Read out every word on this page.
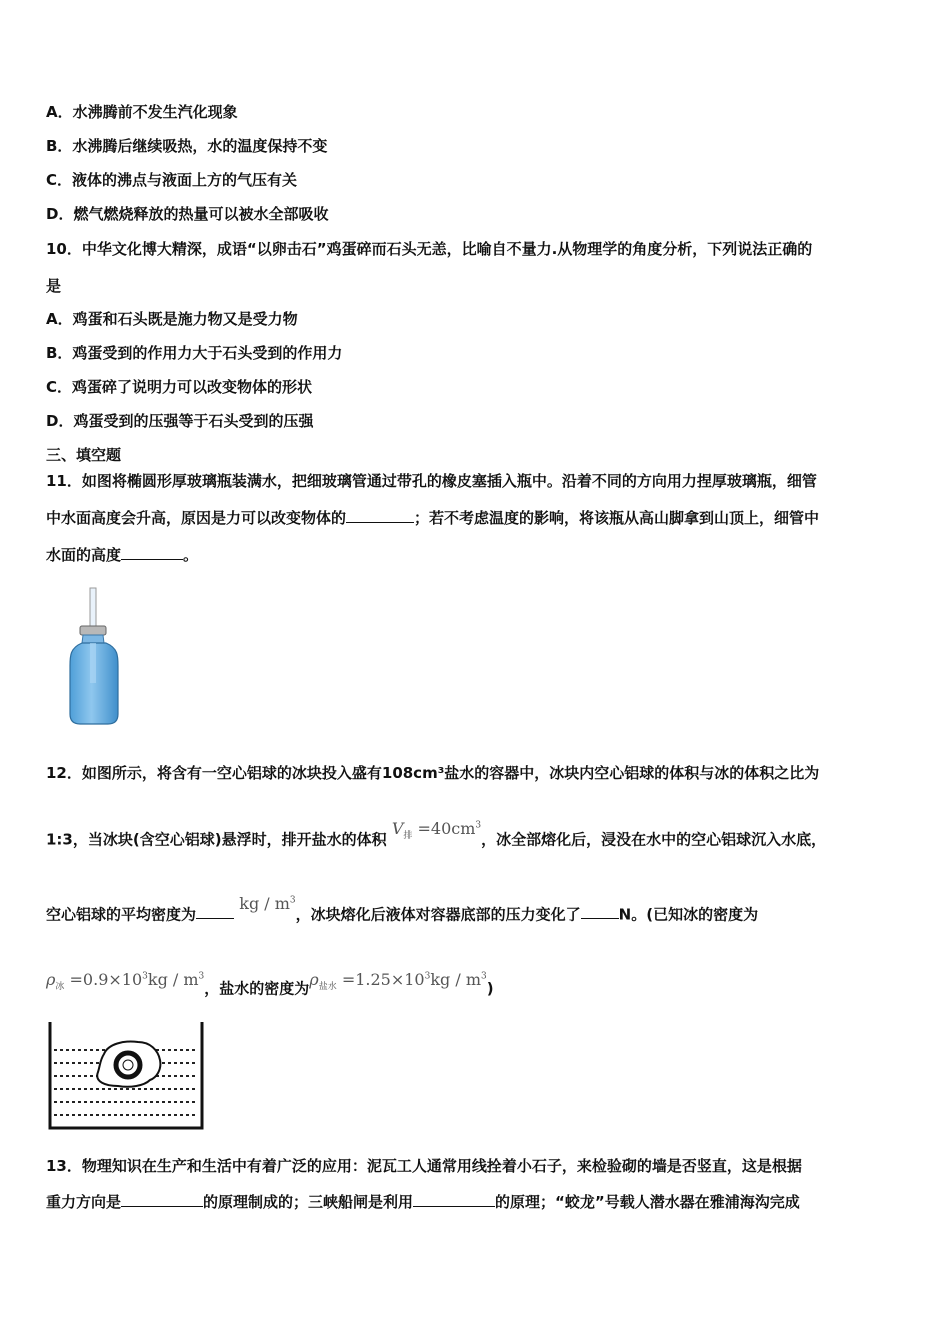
A．水沸腾前不发生汽化现象
B．水沸腾后继续吸热，水的温度保持不变
C．液体的沸点与液面上方的气压有关
D．燃气燃烧释放的热量可以被水全部吸收
10．中华文化博大精深，成语“以卵击石”鸡蛋碎而石头无恙，比喻自不量力.从物理学的角度分析，下列说法正确的
是
A．鸡蛋和石头既是施力物又是受力物
B．鸡蛋受到的作用力大于石头受到的作用力
C．鸡蛋碎了说明力可以改变物体的形状
D．鸡蛋受到的压强等于石头受到的压强
三、填空题
11．如图将椭圆形厚玻璃瓶装满水，把细玻璃管通过带孔的橡皮塞插入瓶中。沿着不同的方向用力捏厚玻璃瓶，细管
中水面高度会升高，原因是力可以改变物体的	；若不考虑温度的影响，将该瓶从高山脚拿到山顶上，细管中
水面的高度	。
12．如图所示，将含有一空心铝球的冰块投入盛有108cm³盐水的容器中，冰块内空心铝球的体积与冰的体积之比为
1:3，当冰块(含空心铝球)悬浮时，排开盐水的体积 $V_排 =40cm^3$，冰全部熔化后，浸没在水中的空心铝球沉入水底，
空心铝球的平均密度为 kg / $m^3$，冰块熔化后液体对容器底部的压力变化了	N。(已知冰的密度为
$\rho_冰 =0.9\times 10^3kg / m^3$，盐水的密度为$\rho_{盐水} =1.25\times 10^3kg / m^3$)
13．物理知识在生产和生活中有着广泛的应用：泥瓦工人通常用线拴着小石子，来检验砌的墙是否竖直，这是根据
重力方向是	的原理制成的；三峡船闸是利用	的原理；“蛟龙”号载人潜水器在雅浦海沟完成
